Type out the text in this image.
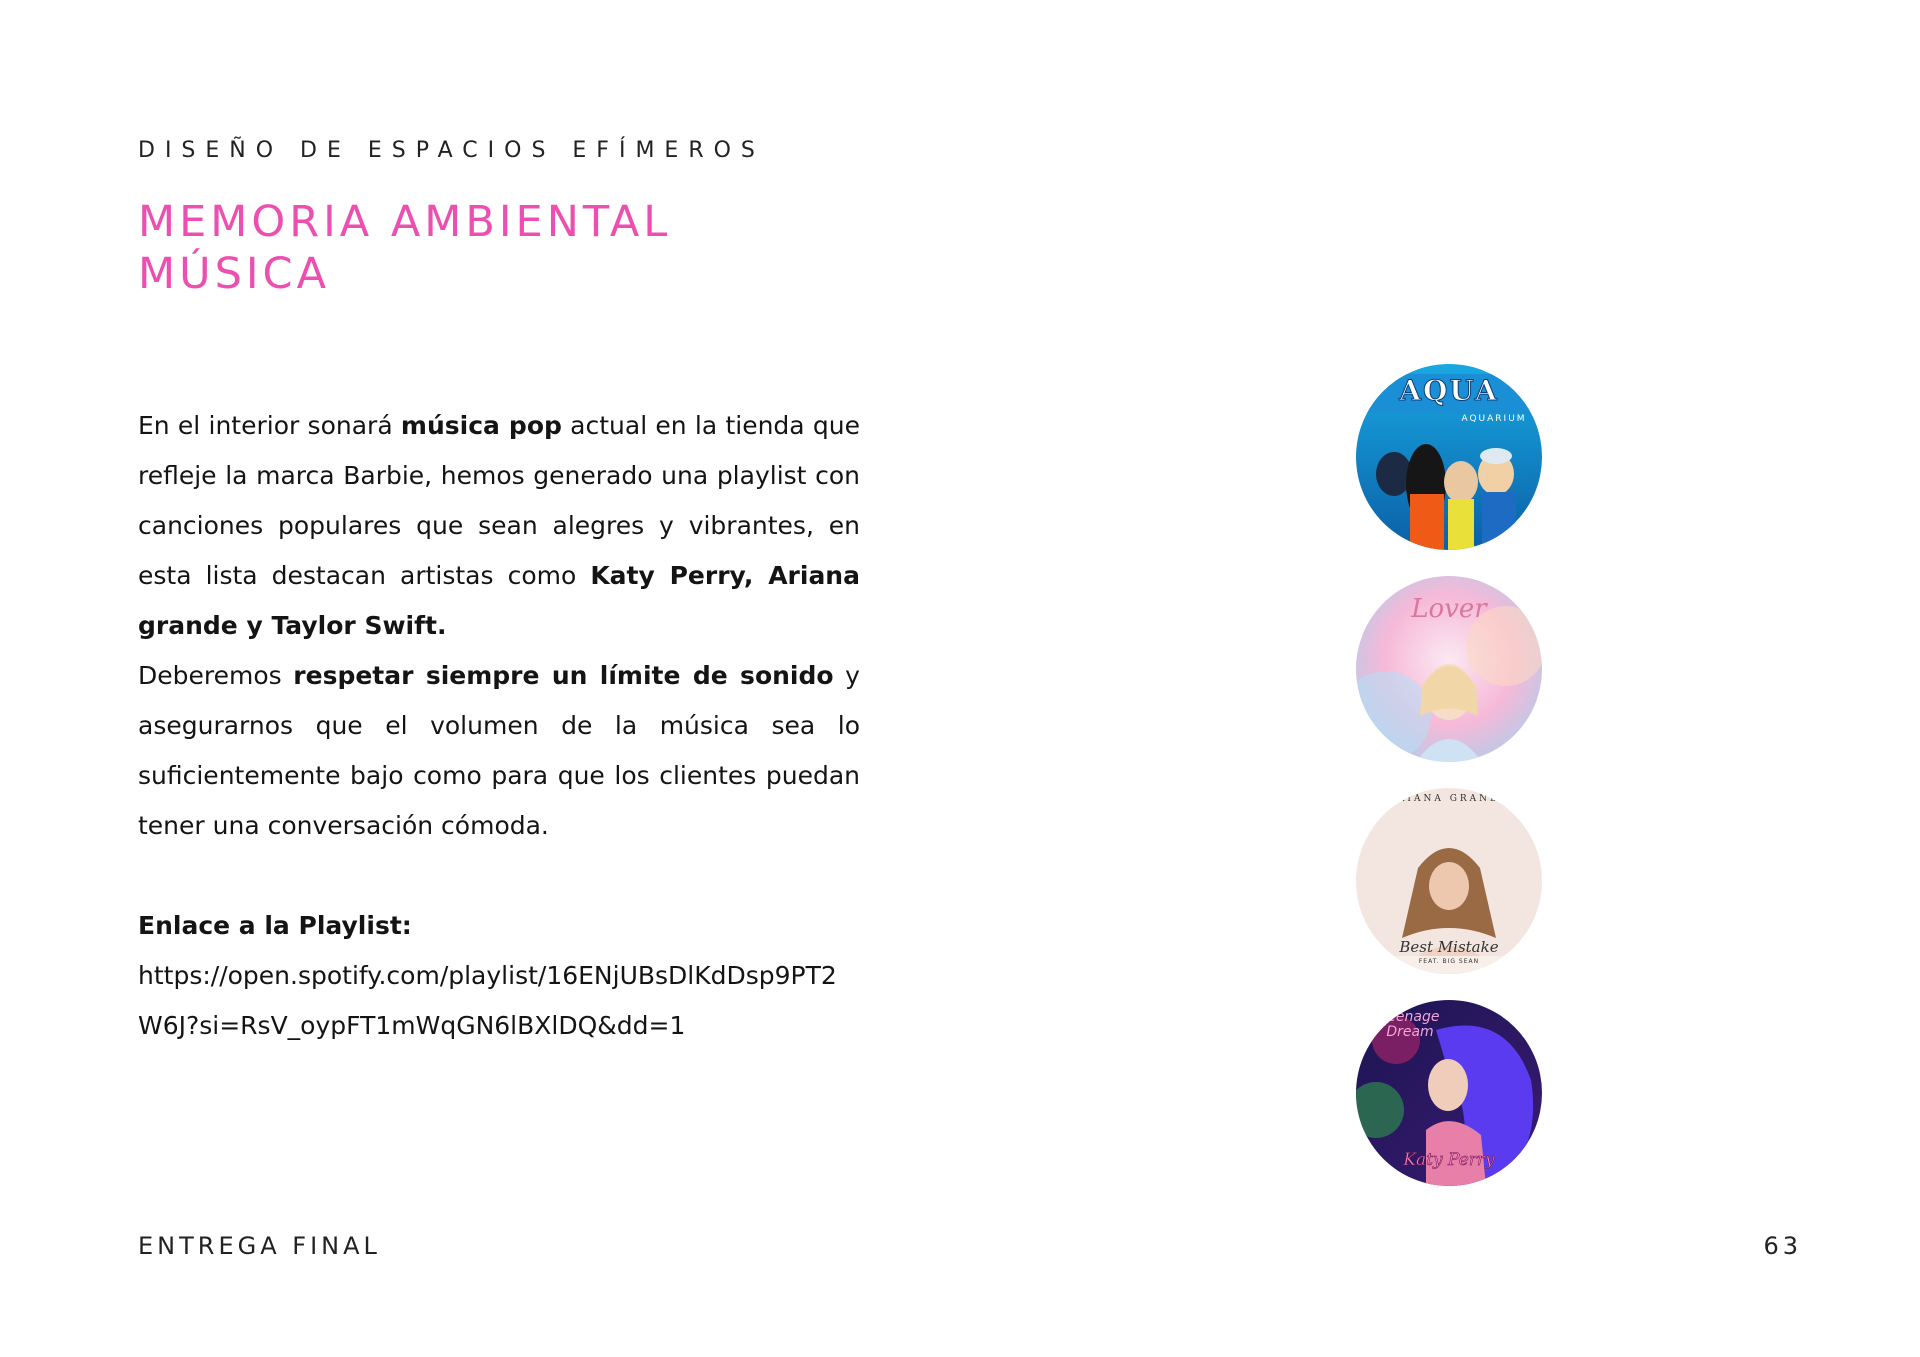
DISEÑO DE ESPACIOS EFÍMEROS
MEMORIA AMBIENTAL
MÚSICA

En el interior sonará música pop actual en la tienda que refleje la marca Barbie, hemos generado una playlist con canciones populares que sean alegres y vibrantes, en esta lista destacan artistas como Katy Perry, Ariana grande y Taylor Swift.

Deberemos respetar siempre un límite de sonido y asegurarnos que el volumen de la música sea lo suficientemente bajo como para que los clientes puedan tener una conversación cómoda.

Enlace a la Playlist:

https://open.spotify.com/playlist/16ENjUBsDlKdDsp9PT2W6J?si=RsV_oypFT1mWqGN6lBXlDQ&dd=1

AQUA
AQUARIUM
Lover
ARIANA GRANDE
Best Mistake
FEAT. BIG SEAN
Teenage Dream
Katy Perry
ENTREGA FINAL	63
